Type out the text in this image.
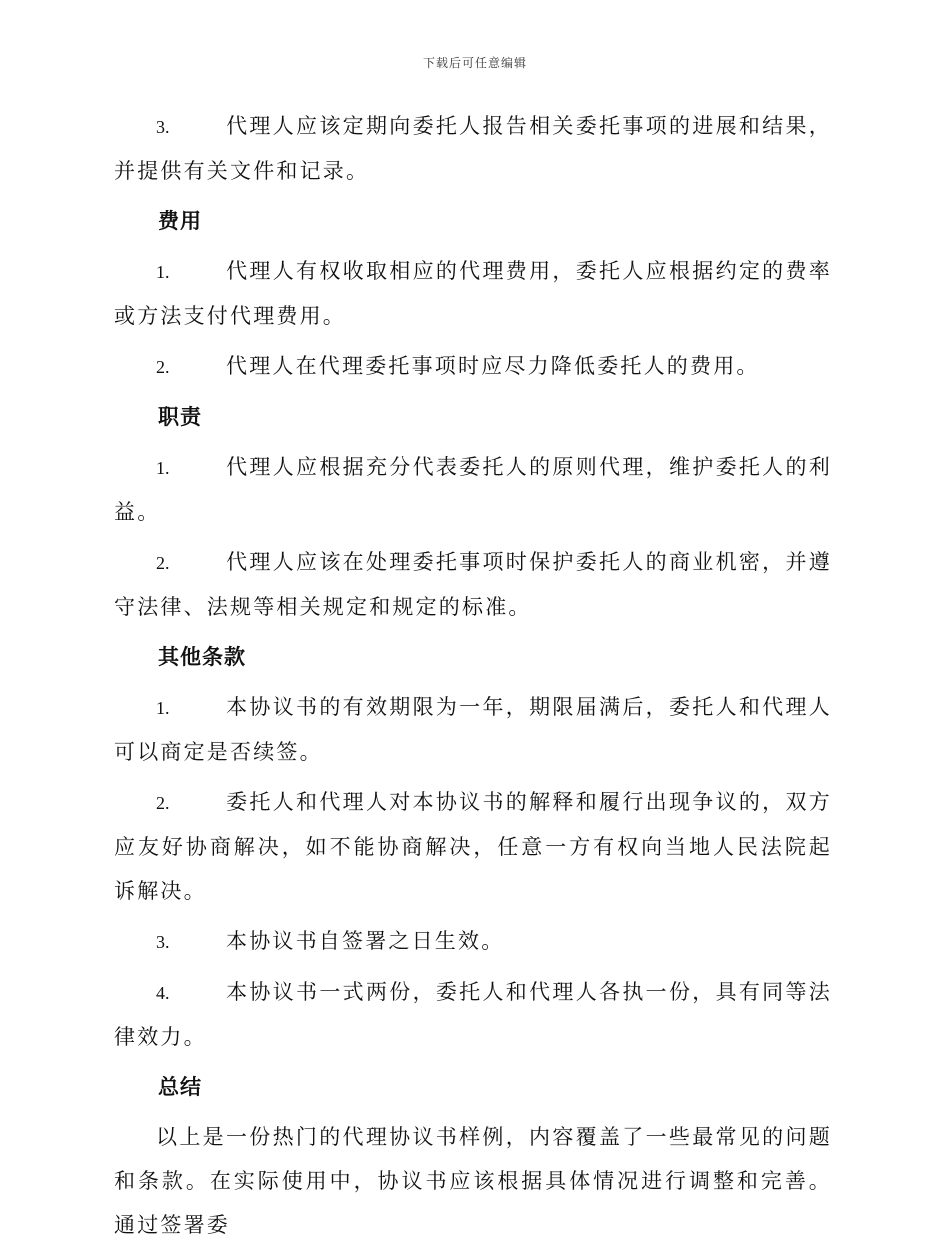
下载后可任意编辑

3.	代理人应该定期向委托人报告相关委托事项的进展和结果，并提供有关文件和记录。

费用

1.	代理人有权收取相应的代理费用，委托人应根据约定的费率或方法支付代理费用。

2.	代理人在代理委托事项时应尽力降低委托人的费用。

职责

1.	代理人应根据充分代表委托人的原则代理，维护委托人的利益。

2.	代理人应该在处理委托事项时保护委托人的商业机密，并遵守法律、法规等相关规定和规定的标准。

其他条款

1.	本协议书的有效期限为一年，期限届满后，委托人和代理人可以商定是否续签。

2.	委托人和代理人对本协议书的解释和履行出现争议的，双方应友好协商解决，如不能协商解决，任意一方有权向当地人民法院起诉解决。

3.	本协议书自签署之日生效。

4.	本协议书一式两份，委托人和代理人各执一份，具有同等法律效力。

总结

以上是一份热门的代理协议书样例，内容覆盖了一些最常见的问题和条款。在实际使用中，协议书应该根据具体情况进行调整和完善。通过签署委
